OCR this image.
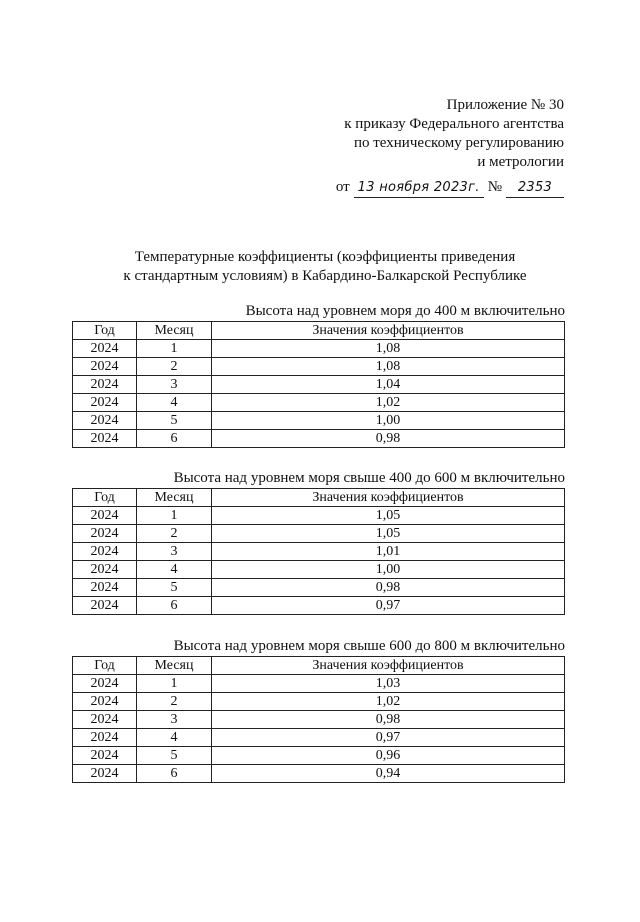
Приложение № 30
к приказу Федерального агентства
по техническому регулированию
и метрологии
от 13 ноября 2023г. №	2353
Температурные коэффициенты (коэффициенты приведения
к стандартным условиям) в Кабардино-Балкарской Республике
Высота над уровнем моря до 400 м включительно
Год	Месяц	Значения коэффициентов
2024	1	1,08
2024	2	1,08
2024	3	1,04
2024	4	1,02
2024	5	1,00
2024	6	0,98
Высота над уровнем моря свыше 400 до 600 м включительно
Год	Месяц	Значения коэффициентов
2024	1	1,05
2024	2	1,05
2024	3	1,01
2024	4	1,00
2024	5	0,98
2024	6	0,97
Высота над уровнем моря свыше 600 до 800 м включительно
Год	Месяц	Значения коэффициентов
2024	1	1,03
2024	2	1,02
2024	3	0,98
2024	4	0,97
2024	5	0,96
2024	6	0,94
